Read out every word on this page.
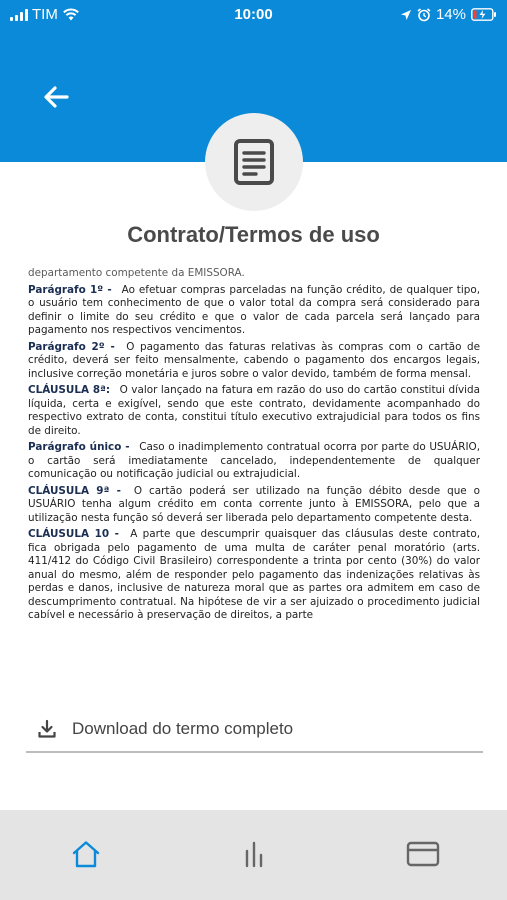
TIM	10:00	14%
Contrato/Termos de uso

departamento competente da EMISSORA.

Parágrafo 1º - Ao efetuar compras parceladas na função crédito, de qualquer tipo, o usuário tem conhecimento de que o valor total da compra será considerado para definir o limite do seu crédito e que o valor de cada parcela será lançado para pagamento nos respectivos vencimentos.

Parágrafo 2º - O pagamento das faturas relativas às compras com o cartão de crédito, deverá ser feito mensalmente, cabendo o pagamento dos encargos legais, inclusive correção monetária e juros sobre o valor devido, também de forma mensal.

CLÁUSULA 8ª: O valor lançado na fatura em razão do uso do cartão constitui dívida líquida, certa e exigível, sendo que este contrato, devidamente acompanhado do respectivo extrato de conta, constitui título executivo extrajudicial para todos os fins de direito.

Parágrafo único - Caso o inadimplemento contratual ocorra por parte do USUÁRIO, o cartão será imediatamente cancelado, independentemente de qualquer comunicação ou notificação judicial ou extrajudicial.

CLÁUSULA 9ª - O cartão poderá ser utilizado na função débito desde que o USUÁRIO tenha algum crédito em conta corrente junto à EMISSORA, pelo que a utilização nesta função só deverá ser liberada pelo departamento competente desta.

CLÁUSULA 10 - A parte que descumprir quaisquer das cláusulas deste contrato, fica obrigada pelo pagamento de uma multa de caráter penal moratório (arts. 411/412 do Código Civil Brasileiro) correspondente a trinta por cento (30%) do valor anual do mesmo, além de responder pelo pagamento das indenizações relativas às perdas e danos, inclusive de natureza moral que as partes ora admitem em caso de descumprimento contratual. Na hipótese de vir a ser ajuizado o procedimento judicial cabível e necessário à preservação de direitos, a parte

Download do termo completo
